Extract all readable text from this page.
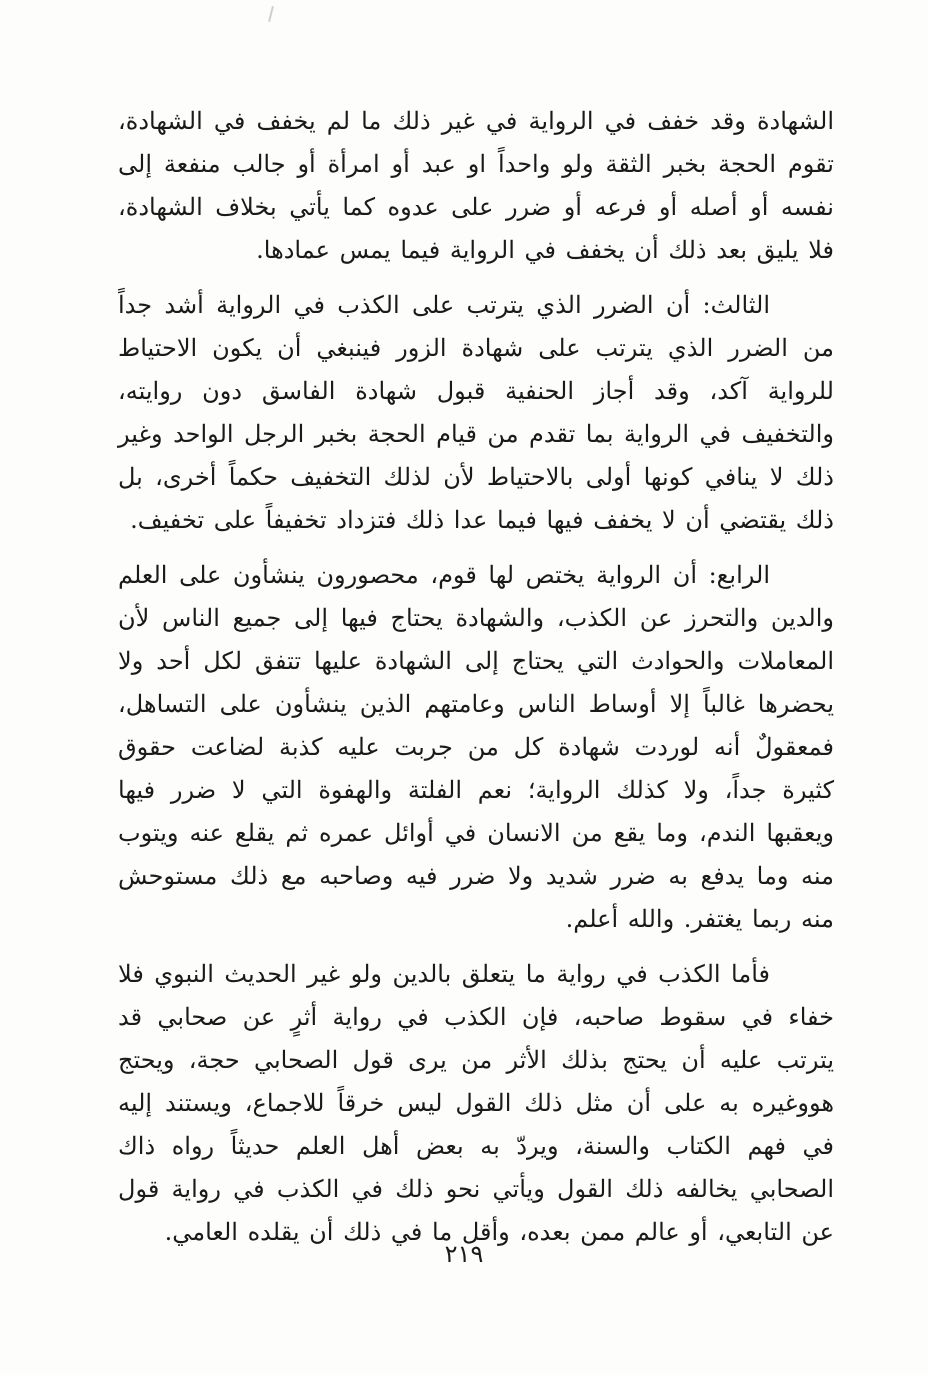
الشهادة وقد خفف في الرواية في غير ذلك ما لم يخفف في الشهادة، تقوم الحجة بخبر الثقة ولو واحداً او عبد أو امرأة أو جالب منفعة إلى نفسه أو أصله أو فرعه أو ضرر على عدوه كما يأتي بخلاف الشهادة، فلا يليق بعد ذلك أن يخفف في الرواية فيما يمس عمادها.

الثالث: أن الضرر الذي يترتب على الكذب في الرواية أشد جداً من الضرر الذي يترتب على شهادة الزور فينبغي أن يكون الاحتياط للرواية آكد، وقد أجاز الحنفية قبول شهادة الفاسق دون روايته، والتخفيف في الرواية بما تقدم من قيام الحجة بخبر الرجل الواحد وغير ذلك لا ينافي كونها أولى بالاحتياط لأن لذلك التخفيف حكماً أخرى، بل ذلك يقتضي أن لا يخفف فيها فيما عدا ذلك فتزداد تخفيفاً على تخفيف.

الرابع: أن الرواية يختص لها قوم، محصورون ينشأون على العلم والدين والتحرز عن الكذب، والشهادة يحتاج فيها إلى جميع الناس لأن المعاملات والحوادث التي يحتاج إلى الشهادة عليها تتفق لكل أحد ولا يحضرها غالباً إلا أوساط الناس وعامتهم الذين ينشأون على التساهل، فمعقولٌ أنه لوردت شهادة كل من جربت عليه كذبة لضاعت حقوق كثيرة جداً، ولا كذلك الرواية؛ نعم الفلتة والهفوة التي لا ضرر فيها ويعقبها الندم، وما يقع من الانسان في أوائل عمره ثم يقلع عنه ويتوب منه وما يدفع به ضرر شديد ولا ضرر فيه وصاحبه مع ذلك مستوحش منه ربما يغتفر. والله أعلم.

فأما الكذب في رواية ما يتعلق بالدين ولو غير الحديث النبوي فلا خفاء في سقوط صاحبه، فإن الكذب في رواية أثرٍ عن صحابي قد يترتب عليه أن يحتج بذلك الأثر من يرى قول الصحابي حجة، ويحتج هووغيره به على أن مثل ذلك القول ليس خرقاً للاجماع، ويستند إليه في فهم الكتاب والسنة، ويردّ به بعض أهل العلم حديثاً رواه ذاك الصحابي يخالفه ذلك القول ويأتي نحو ذلك في الكذب في رواية قول عن التابعي، أو عالم ممن بعده، وأقل ما في ذلك أن يقلده العامي.

٢١٩
